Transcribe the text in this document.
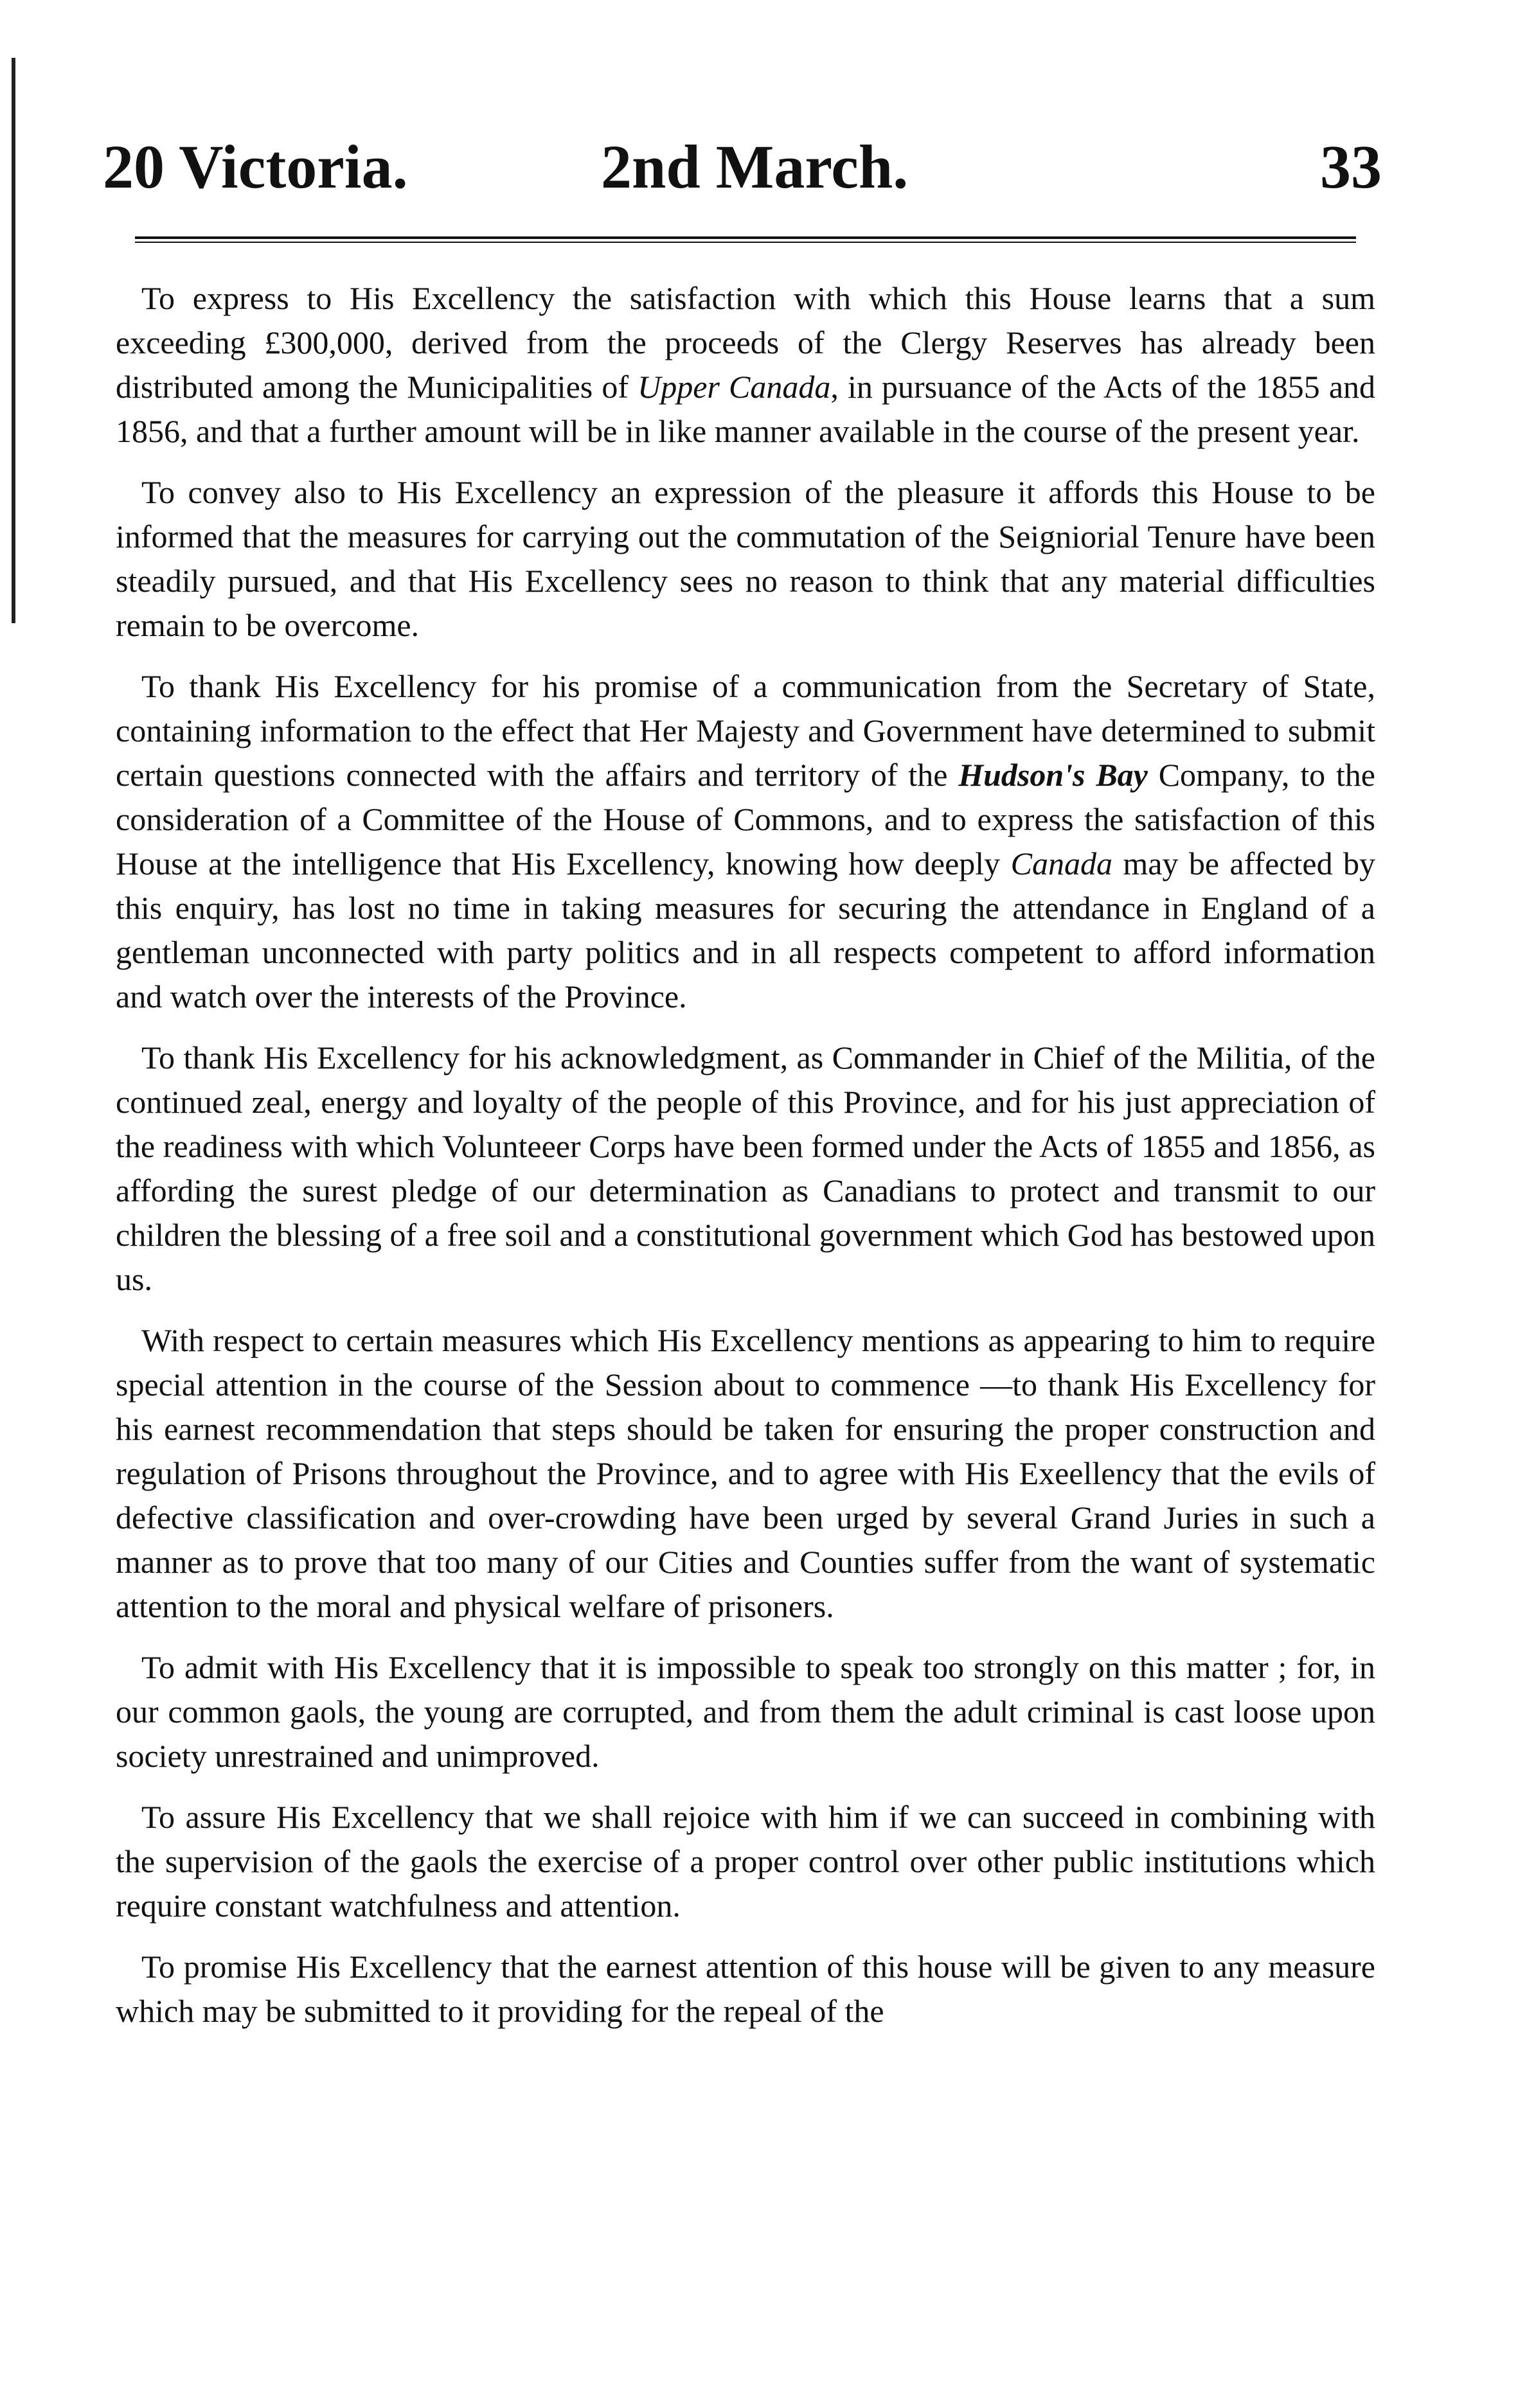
20 Victoria.	2nd March.	33

To express to His Excellency the satisfaction with which this House learns that a sum exceeding £300,000, derived from the proceeds of the Clergy Reserves has already been distributed among the Municipalities of Upper Canada, in pursuance of the Acts of the 1855 and 1856, and that a further amount will be in like manner available in the course of the present year.

To convey also to His Excellency an expression of the pleasure it affords this House to be informed that the measures for carrying out the commutation of the Seigniorial Tenure have been steadily pursued, and that His Excellency sees no reason to think that any material difficulties remain to be overcome.

To thank His Excellency for his promise of a communication from the Secretary of State, containing information to the effect that Her Majesty and Government have determined to submit certain questions connected with the affairs and territory of the Hudson's Bay Company, to the consideration of a Committee of the House of Commons, and to express the satisfaction of this House at the intelligence that His Excellency, knowing how deeply Canada may be affected by this enquiry, has lost no time in taking measures for securing the attendance in England of a gentleman unconnected with party politics and in all respects competent to afford information and watch over the interests of the Province.

To thank His Excellency for his acknowledgment, as Commander in Chief of the Militia, of the continued zeal, energy and loyalty of the people of this Province, and for his just appreciation of the readiness with which Volunteeer Corps have been formed under the Acts of 1855 and 1856, as affording the surest pledge of our determination as Canadians to protect and transmit to our children the blessing of a free soil and a constitutional government which God has bestowed upon us.

With respect to certain measures which His Excellency mentions as appearing to him to require special attention in the course of the Session about to commence —to thank His Excellency for his earnest recommendation that steps should be taken for ensuring the proper construction and regulation of Prisons throughout the Province, and to agree with His Exeellency that the evils of defective classification and over-crowding have been urged by several Grand Juries in such a manner as to prove that too many of our Cities and Counties suffer from the want of systematic attention to the moral and physical welfare of prisoners.

To admit with His Excellency that it is impossible to speak too strongly on this matter ; for, in our common gaols, the young are corrupted, and from them the adult criminal is cast loose upon society unrestrained and unimproved.

To assure His Excellency that we shall rejoice with him if we can succeed in combining with the supervision of the gaols the exercise of a proper control over other public institutions which require constant watchfulness and attention.

To promise His Excellency that the earnest attention of this house will be given to any measure which may be submitted to it providing for the repeal of the
